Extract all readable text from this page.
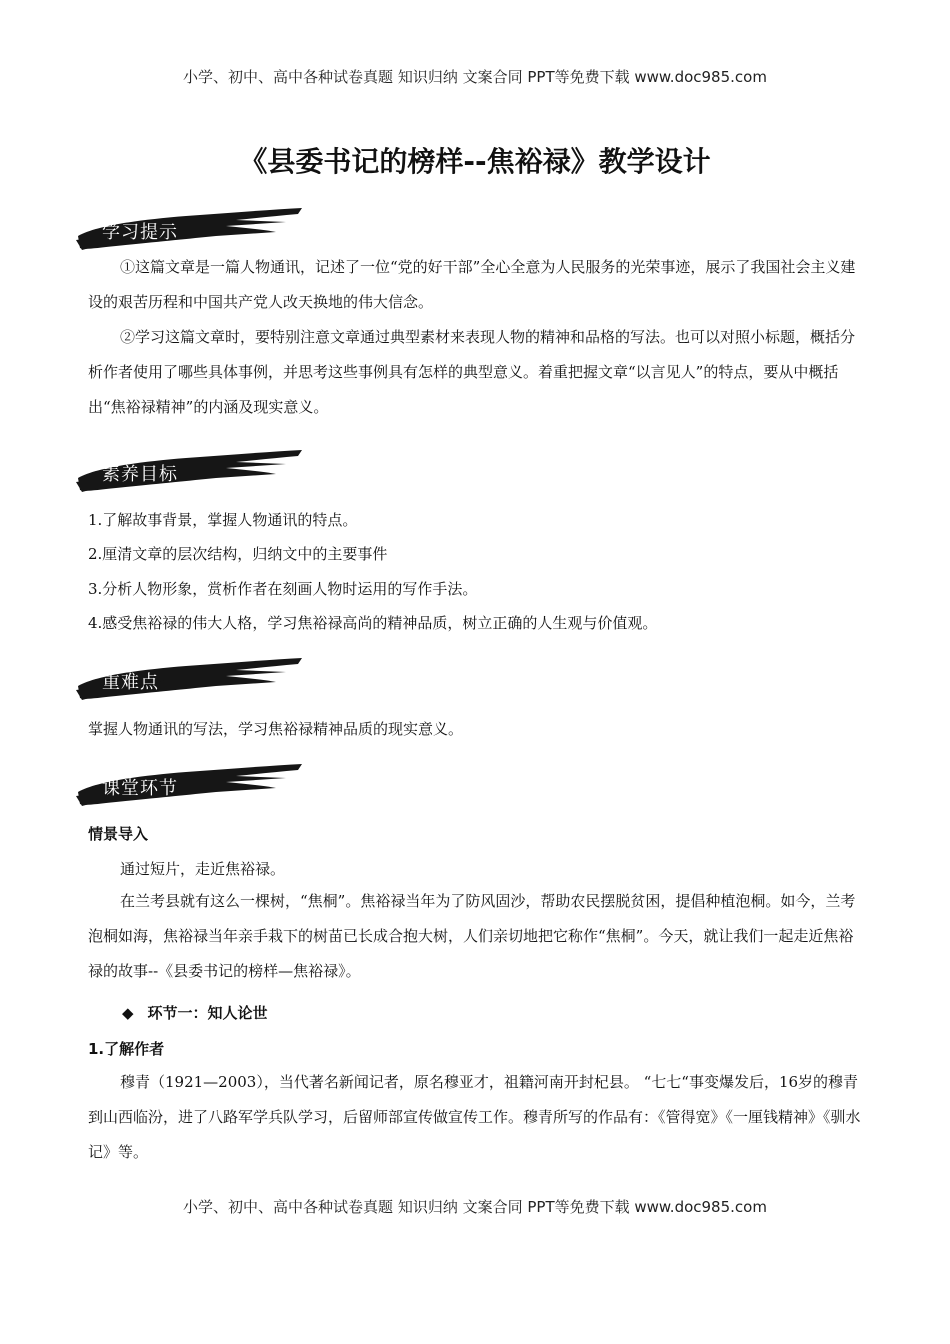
小学、初中、高中各种试卷真题 知识归纳 文案合同 PPT等免费下载 www.doc985.com
《县委书记的榜样--焦裕禄》教学设计
学习提示

①这篇文章是一篇人物通讯，记述了一位“党的好干部”全心全意为人民服务的光荣事迹，展示了我国社会主义建设的艰苦历程和中国共产党人改天换地的伟大信念。

②学习这篇文章时，要特别注意文章通过典型素材来表现人物的精神和品格的写法。也可以对照小标题，概括分析作者使用了哪些具体事例，并思考这些事例具有怎样的典型意义。着重把握文章“以言见人”的特点，要从中概括出“焦裕禄精神”的内涵及现实意义。

素养目标

1.了解故事背景，掌握人物通讯的特点。

2.厘清文章的层次结构，归纳文中的主要事件

3.分析人物形象，赏析作者在刻画人物时运用的写作手法。

4.感受焦裕禄的伟大人格，学习焦裕禄高尚的精神品质，树立正确的人生观与价值观。

重难点

掌握人物通讯的写法，学习焦裕禄精神品质的现实意义。

课堂环节

情景导入

通过短片，走近焦裕禄。

在兰考县就有这么一棵树，“焦桐”。焦裕禄当年为了防风固沙，帮助农民摆脱贫困，提倡种植泡桐。如今，兰考泡桐如海，焦裕禄当年亲手栽下的树苗已长成合抱大树，人们亲切地把它称作“焦桐”。今天，就让我们一起走近焦裕禄的故事--《县委书记的榜样—焦裕禄》。

◆ 环节一：知人论世

1.了解作者

穆青（1921—2003），当代著名新闻记者，原名穆亚才，祖籍河南开封杞县。 “七七“事变爆发后，16岁的穆青到山西临汾，进了八路军学兵队学习，后留师部宣传做宣传工作。穆青所写的作品有：《管得宽》《一厘钱精神》《驯水记》等。

小学、初中、高中各种试卷真题 知识归纳 文案合同 PPT等免费下载 www.doc985.com
